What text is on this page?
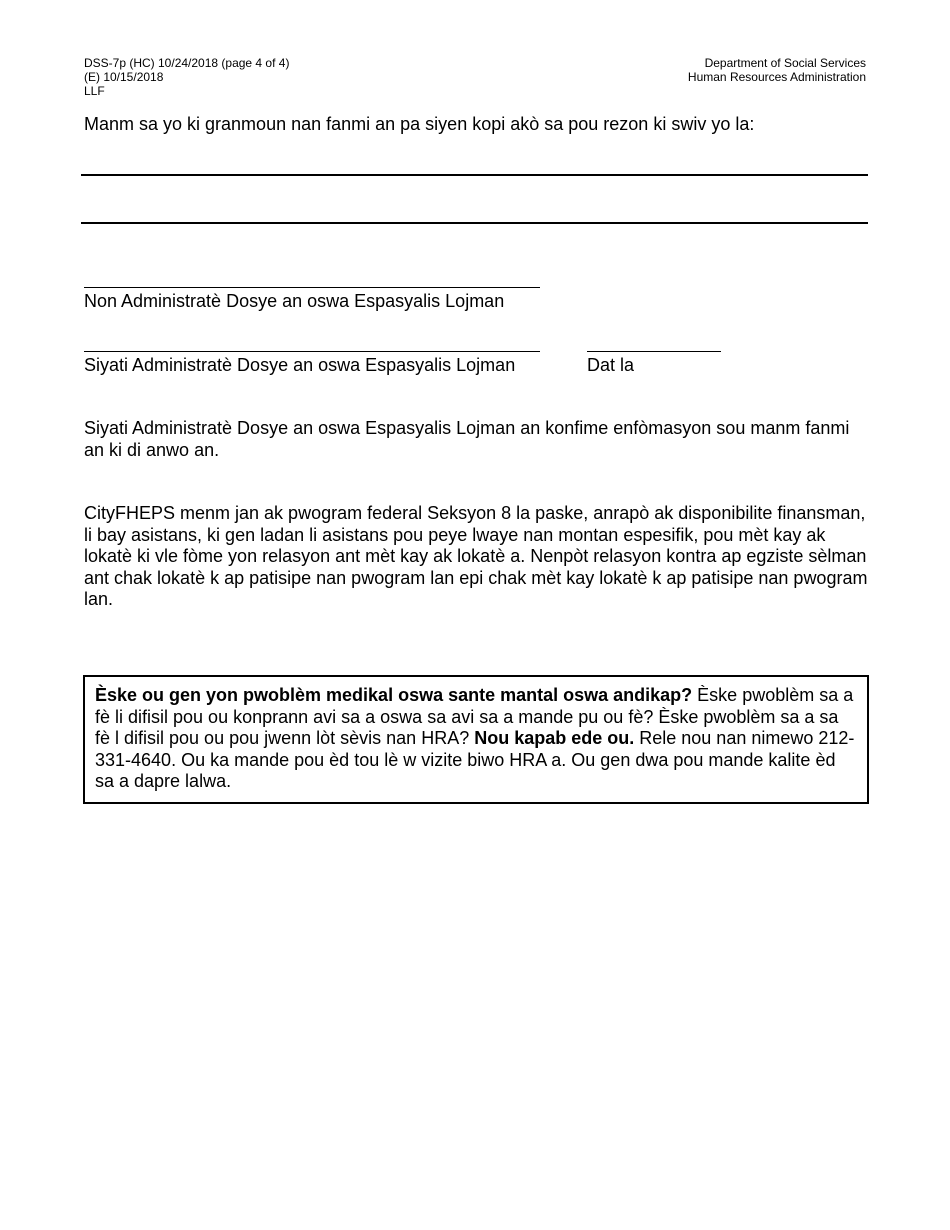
DSS-7p (HC) 10/24/2018 (page 4 of 4)
(E) 10/15/2018
LLF
Department of Social Services
Human Resources Administration
Manm sa yo ki granmoun nan fanmi an pa siyen kopi akò sa pou rezon ki swiv yo la:
Non Administratè Dosye an oswa Espasyalis Lojman
Siyati Administratè Dosye an oswa Espasyalis Lojman	Dat la
Siyati Administratè Dosye an oswa Espasyalis Lojman an konfime enfòmasyon sou manm fanmi an ki di anwo an.
CityFHEPS menm jan ak pwogram federal Seksyon 8 la paske, anrapò ak disponibilite finansman, li bay asistans, ki gen ladan li asistans pou peye lwaye nan montan espesifik, pou mèt kay ak lokatè ki vle fòme yon relasyon ant mèt kay ak lokatè a. Nenpòt relasyon kontra ap egziste sèlman ant chak lokatè k ap patisipe nan pwogram lan epi chak mèt kay lokatè k ap patisipe nan pwogram lan.
Èske ou gen yon pwoblèm medikal oswa sante mantal oswa andikap? Èske pwoblèm sa a fè li difisil pou ou konprann avi sa a oswa sa avi sa a mande pu ou fè? Èske pwoblèm sa a sa fè l difisil pou ou pou jwenn lòt sèvis nan HRA? Nou kapab ede ou. Rele nou nan nimewo 212-331-4640. Ou ka mande pou èd tou lè w vizite biwo HRA a. Ou gen dwa pou mande kalite èd sa a dapre lalwa.
